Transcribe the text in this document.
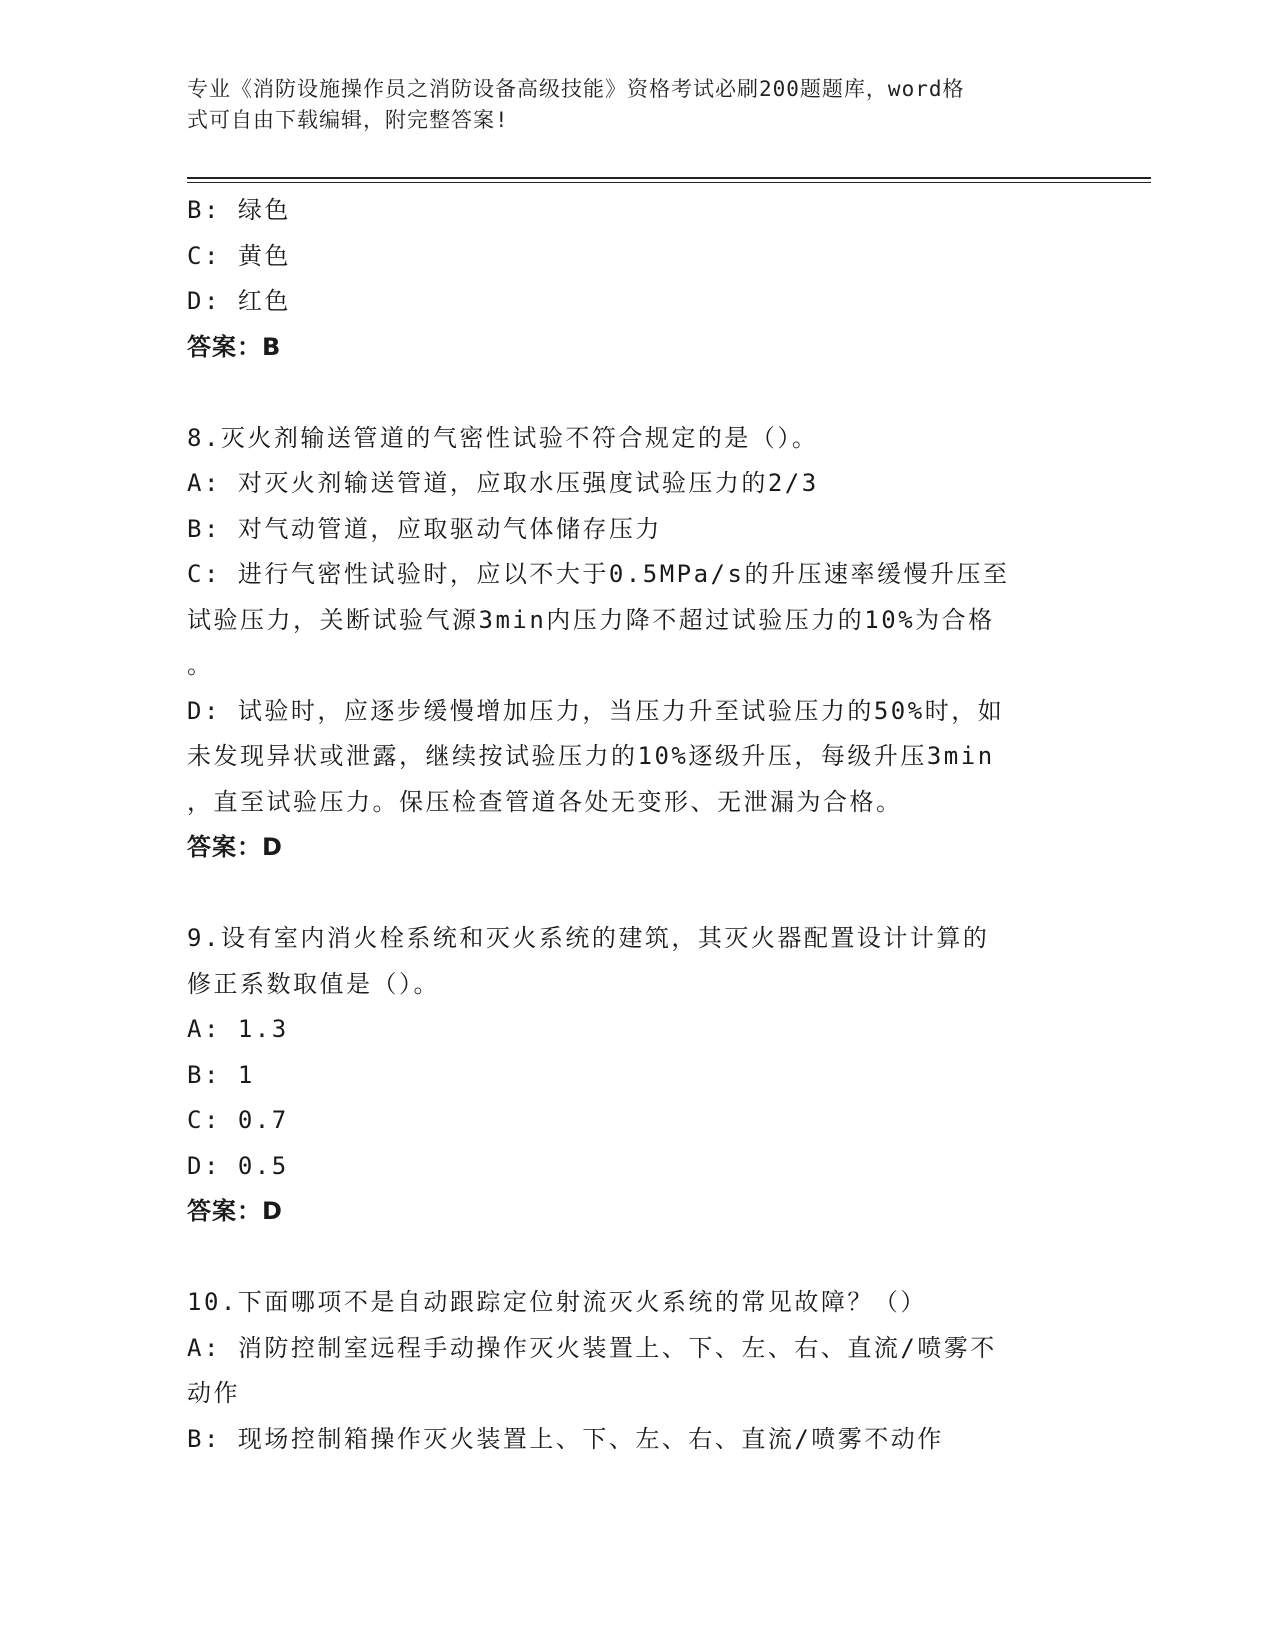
专业《消防设施操作员之消防设备高级技能》资格考试必刷200题题库，word格
式可自由下载编辑，附完整答案!
B: 绿色
C: 黄色
D: 红色
答案：B
8.灭火剂输送管道的气密性试验不符合规定的是（）。
A: 对灭火剂输送管道，应取水压强度试验压力的2/3
B: 对气动管道，应取驱动气体储存压力
C: 进行气密性试验时，应以不大于0.5MPa/s的升压速率缓慢升压至
试验压力，关断试验气源3min内压力降不超过试验压力的10%为合格
。
D: 试验时，应逐步缓慢增加压力，当压力升至试验压力的50%时，如
未发现异状或泄露，继续按试验压力的10%逐级升压，每级升压3min
，直至试验压力。保压检查管道各处无变形、无泄漏为合格。
答案：D
9.设有室内消火栓系统和灭火系统的建筑，其灭火器配置设计计算的
修正系数取值是（）。
A: 1.3
B: 1
C: 0.7
D: 0.5
答案：D
10.下面哪项不是自动跟踪定位射流灭火系统的常见故障？（）
A: 消防控制室远程手动操作灭火装置上、下、左、右、直流/喷雾不
动作
B: 现场控制箱操作灭火装置上、下、左、右、直流/喷雾不动作
